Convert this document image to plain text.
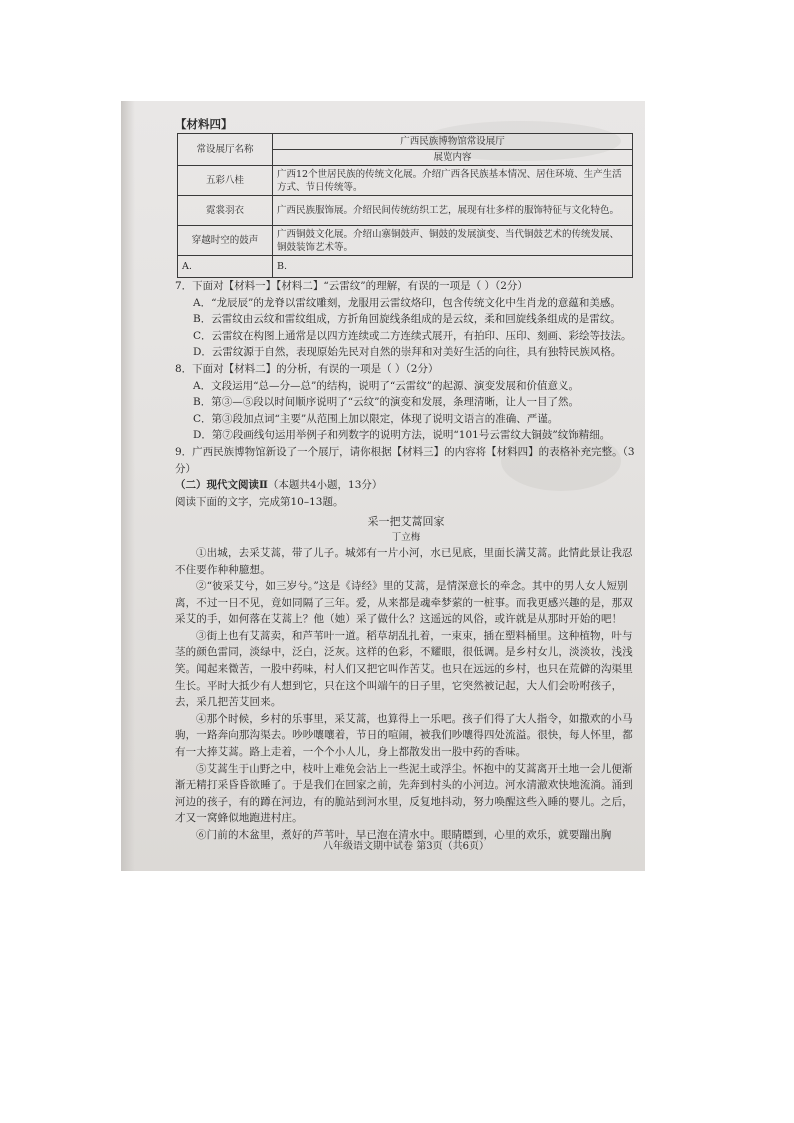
【材料四】
常设展厅名称	广西民族博物馆常设展厅
	展览内容
五彩八桂	广西12个世居民族的传统文化展。介绍广西各民族基本情况、居住环境、生产生活方式、节日传统等。
霓裳羽衣	广西民族服饰展。介绍民间传统纺织工艺，展现有壮多样的服饰特征与文化特色。
穿越时空的鼓声	广西铜鼓文化展。介绍山寨铜鼓声、铜鼓的发展演变、当代铜鼓艺术的传统发展、铜鼓装饰艺术等。
A.	B.

7．下面对【材料一】【材料二】“云雷纹”的理解，有误的一项是（ ）（2分）

A．“龙辰辰”的龙脊以雷纹雕刻，龙服用云雷纹烙印，包含传统文化中生肖龙的意蕴和美感。

B．云雷纹由云纹和雷纹组成，方折角回旋线条组成的是云纹，柔和回旋线条组成的是雷纹。

C．云雷纹在构图上通常是以四方连续或二方连续式展开，有拍印、压印、刻画、彩绘等技法。

D．云雷纹源于自然，表现原始先民对自然的崇拜和对美好生活的向往，具有独特民族风格。

8．下面对【材料二】的分析，有误的一项是（ ）（2分）

A．文段运用“总—分—总”的结构，说明了“云雷纹”的起源、演变发展和价值意义。

B．第③—⑤段以时间顺序说明了“云纹”的演变和发展，条理清晰，让人一目了然。

C．第③段加点词“主要”从范围上加以限定，体现了说明文语言的准确、严谨。

D．第⑦段画线句运用举例子和列数字的说明方法，说明“101号云雷纹大铜鼓”纹饰精细。

9．广西民族博物馆新设了一个展厅，请你根据【材料三】的内容将【材料四】的表格补充完整。（3分）

（二）现代文阅读Ⅱ（本题共4小题，13分）

阅读下面的文字，完成第10–13题。

采一把艾蒿回家

丁立梅

①出城，去采艾蒿，带了儿子。城郊有一片小河，水已见底，里面长满艾蒿。此情此景让我忍不住要作种种臆想。

②“彼采艾兮，如三岁兮。”这是《诗经》里的艾蒿，是情深意长的牵念。其中的男人女人短别离，不过一日不见，竟如同隔了三年。爱，从来都是魂牵梦萦的一桩事。而我更感兴趣的是，那双采艾的手，如何落在艾蒿上？他（她）采了做什么？这遥远的风俗，或许就是从那时开始的吧！

③街上也有艾蒿卖，和芦苇叶一道。稻草胡乱扎着，一束束，插在塑料桶里。这种植物，叶与茎的颜色雷同，淡绿中，泛白，泛灰。这样的色彩，不耀眼，很低调。是乡村女儿，淡淡妆，浅浅笑。闻起来微苦，一股中药味，村人们又把它叫作苦艾。也只在远远的乡村，也只在荒僻的沟渠里生长。平时大抵少有人想到它，只在这个叫端午的日子里，它突然被记起，大人们会吩咐孩子，去，采几把苦艾回来。

④那个时候，乡村的乐事里，采艾蒿，也算得上一乐吧。孩子们得了大人指令，如撒欢的小马驹，一路奔向那沟渠去。吵吵嚷嚷着，节日的喧闹，被我们吵嚷得四处流溢。很快，每人怀里，都有一大捧艾蒿。路上走着，一个个小人儿，身上都散发出一股中药的香味。

⑤艾蒿生于山野之中，枝叶上难免会沾上一些泥土或浮尘。怀抱中的艾蒿离开土地一会儿便渐渐无精打采昏昏欲睡了。于是我们在回家之前，先奔到村头的小河边。河水清澈欢快地流淌。涌到河边的孩子，有的蹲在河边，有的脆站到河水里，反复地抖动，努力唤醒这些入睡的婴儿。之后，才又一窝蜂似地跑进村庄。

⑥门前的木盆里，煮好的芦苇叶，早已泡在清水中。眼睛瞟到，心里的欢乐，就要蹦出胸

八年级语文期中试卷 第3页（共6页）
